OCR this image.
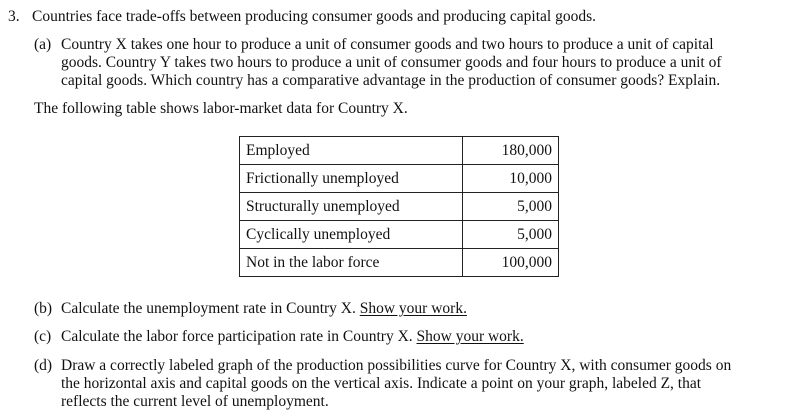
3. Countries face trade-offs between producing consumer goods and producing capital goods.
(a) Country X takes one hour to produce a unit of consumer goods and two hours to produce a unit of capital
goods. Country Y takes two hours to produce a unit of consumer goods and four hours to produce a unit of
capital goods. Which country has a comparative advantage in the production of consumer goods? Explain.
The following table shows labor-market data for Country X.
Employed	180,000
Frictionally unemployed	10,000
Structurally unemployed	5,000
Cyclically unemployed	5,000
Not in the labor force	100,000
(b) Calculate the unemployment rate in Country X. Show your work.
(c) Calculate the labor force participation rate in Country X. Show your work.
(d) Draw a correctly labeled graph of the production possibilities curve for Country X, with consumer goods on
the horizontal axis and capital goods on the vertical axis. Indicate a point on your graph, labeled Z, that
reflects the current level of unemployment.
